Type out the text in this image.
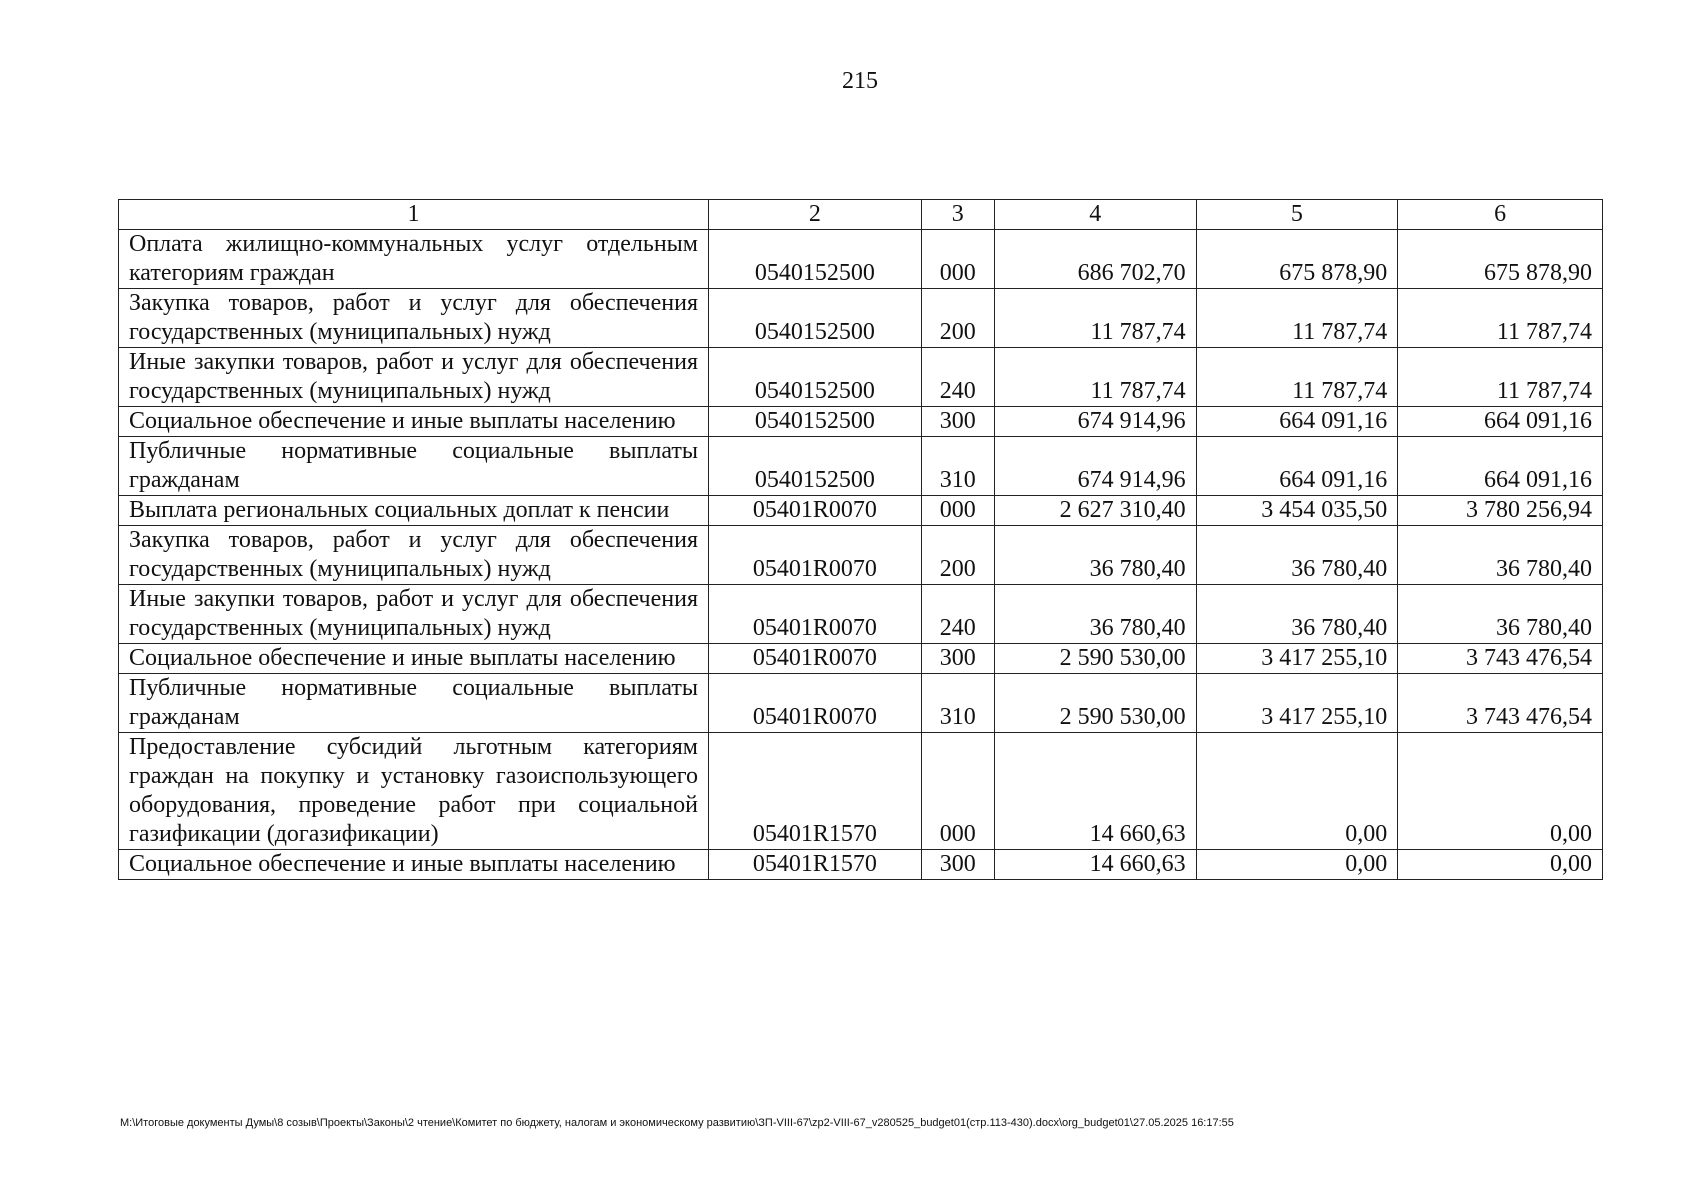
215
1	2	3	4	5	6
Оплата жилищно-коммунальных услуг отдельным категориям граждан	0540152500	000	686 702,70	675 878,90	675 878,90
Закупка товаров, работ и услуг для обеспечения государственных (муниципальных) нужд	0540152500	200	11 787,74	11 787,74	11 787,74
Иные закупки товаров, работ и услуг для обеспечения государственных (муниципальных) нужд	0540152500	240	11 787,74	11 787,74	11 787,74
Социальное обеспечение и иные выплаты населению	0540152500	300	674 914,96	664 091,16	664 091,16
Публичные нормативные социальные выплаты гражданам	0540152500	310	674 914,96	664 091,16	664 091,16
Выплата региональных социальных доплат к пенсии	05401R0070	000	2 627 310,40	3 454 035,50	3 780 256,94
Закупка товаров, работ и услуг для обеспечения государственных (муниципальных) нужд	05401R0070	200	36 780,40	36 780,40	36 780,40
Иные закупки товаров, работ и услуг для обеспечения государственных (муниципальных) нужд	05401R0070	240	36 780,40	36 780,40	36 780,40
Социальное обеспечение и иные выплаты населению	05401R0070	300	2 590 530,00	3 417 255,10	3 743 476,54
Публичные нормативные социальные выплаты гражданам	05401R0070	310	2 590 530,00	3 417 255,10	3 743 476,54
Предоставление субсидий льготным категориям граждан на покупку и установку газоиспользующего оборудования, проведение работ при социальной газификации (догазификации)	05401R1570	000	14 660,63	0,00	0,00
Социальное обеспечение и иные выплаты населению	05401R1570	300	14 660,63	0,00	0,00
M:\Итоговые документы Думы\8 созыв\Проекты\Законы\2 чтение\Комитет по бюджету, налогам и экономическому развитию\ЗП-VIII-67\zp2-VIII-67_v280525_budget01(стр.113-430).docx\org_budget01\27.05.2025 16:17:55
